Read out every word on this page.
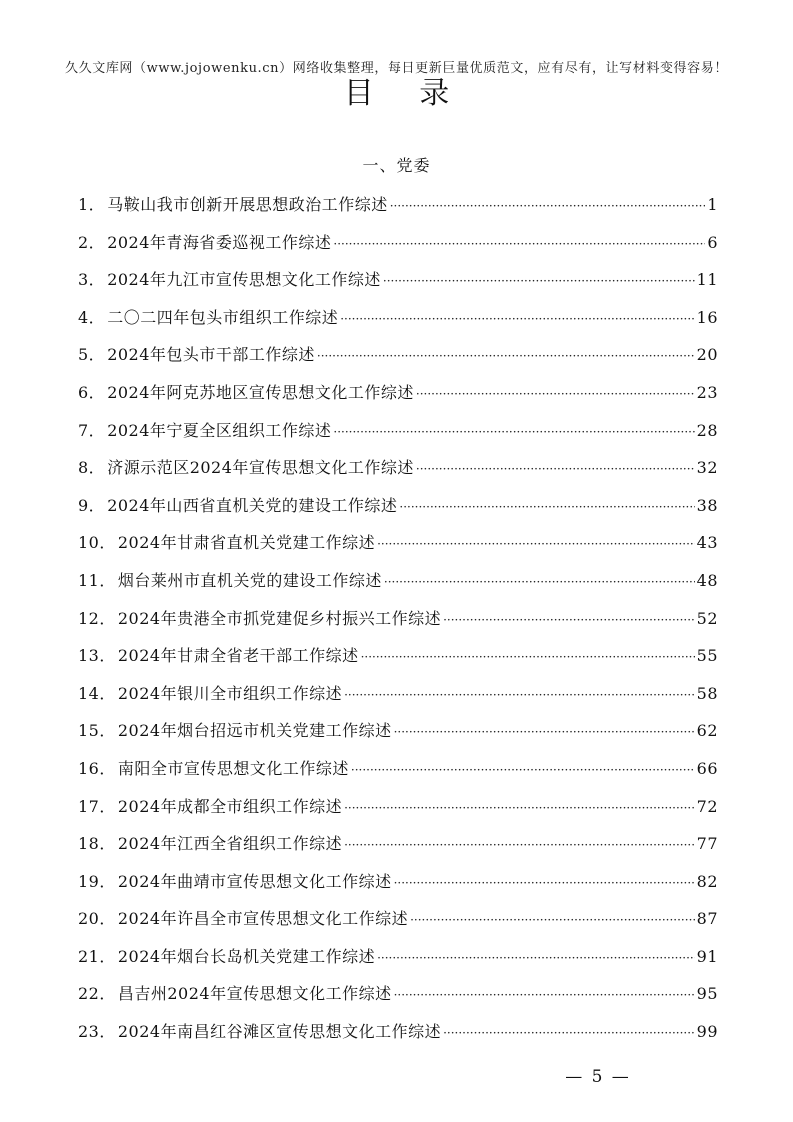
久久文库网（www.jojowenku.cn）网络收集整理，每日更新巨量优质范文，应有尽有，让写材料变得容易！
目 录
一、党委
1． 马鞍山我市创新开展思想政治工作综述 ·····	1
2． 2024年青海省委巡视工作综述 ·····	6
3． 2024年九江市宣传思想文化工作综述 ·····	11
4． 二〇二四年包头市组织工作综述 ·····	16
5． 2024年包头市干部工作综述 ·····	20
6． 2024年阿克苏地区宣传思想文化工作综述 ·····	23
7． 2024年宁夏全区组织工作综述 ·····	28
8． 济源示范区2024年宣传思想文化工作综述 ·····	32
9． 2024年山西省直机关党的建设工作综述 ·····	38
10． 2024年甘肃省直机关党建工作综述 ·····	43
11． 烟台莱州市直机关党的建设工作综述 ·····	48
12． 2024年贵港全市抓党建促乡村振兴工作综述 ·····	52
13． 2024年甘肃全省老干部工作综述 ·····	55
14． 2024年银川全市组织工作综述 ·····	58
15． 2024年烟台招远市机关党建工作综述 ·····	62
16． 南阳全市宣传思想文化工作综述 ·····	66
17． 2024年成都全市组织工作综述 ·····	72
18． 2024年江西全省组织工作综述 ·····	77
19． 2024年曲靖市宣传思想文化工作综述 ·····	82
20． 2024年许昌全市宣传思想文化工作综述 ·····	87
21． 2024年烟台长岛机关党建工作综述 ·····	91
22． 昌吉州2024年宣传思想文化工作综述 ·····	95
23． 2024年南昌红谷滩区宣传思想文化工作综述 ·····	99
— 5 —
